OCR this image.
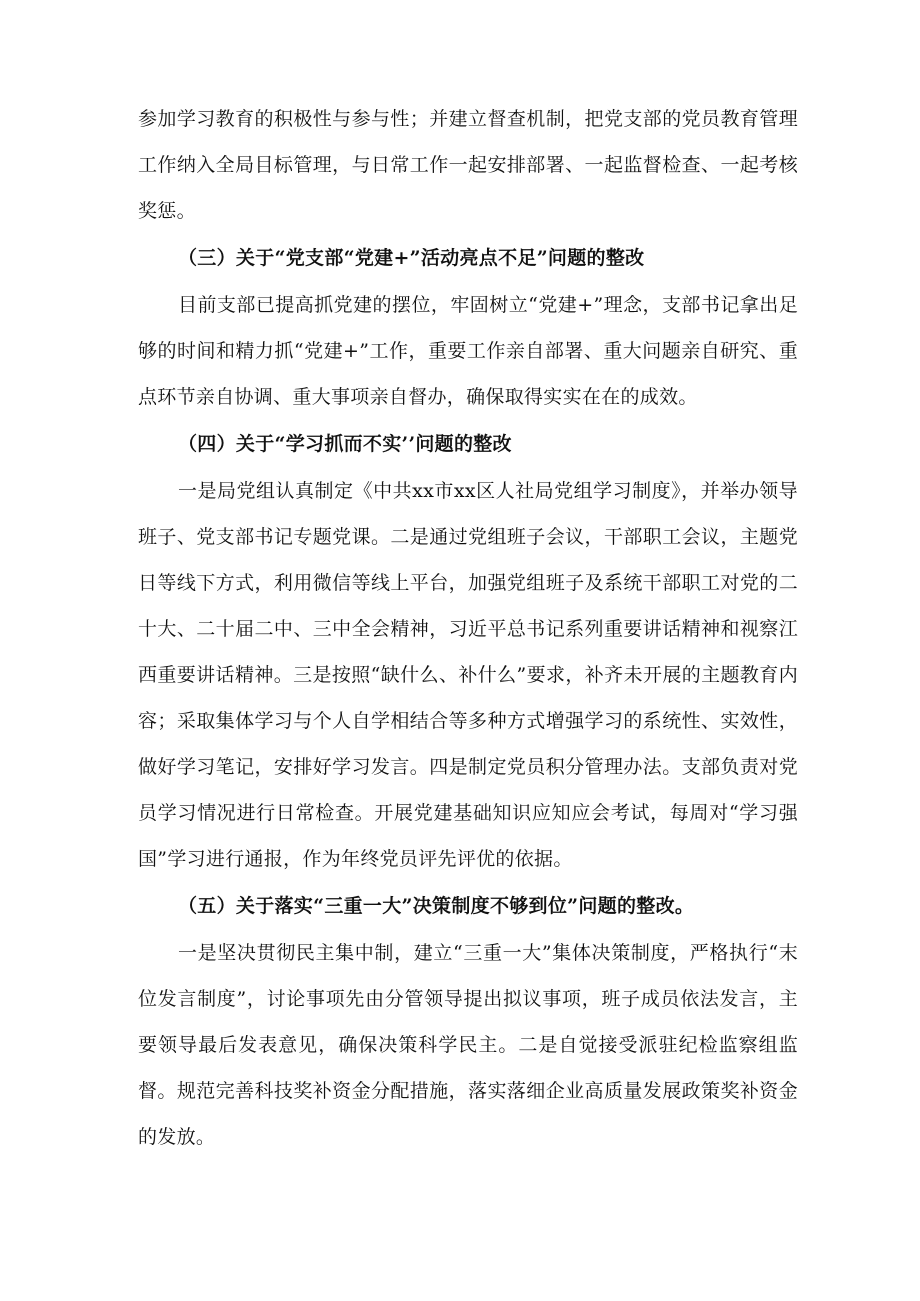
参加学习教育的积极性与参与性；并建立督查机制，把党支部的党员教育管理工作纳入全局目标管理，与日常工作一起安排部署、一起监督检查、一起考核奖惩。

（三）关于“党支部“党建+”活动亮点不足”问题的整改

目前支部已提高抓党建的摆位，牢固树立“党建+”理念，支部书记拿出足够的时间和精力抓“党建+”工作，重要工作亲自部署、重大问题亲自研究、重点环节亲自协调、重大事项亲自督办，确保取得实实在在的成效。

（四）关于“学习抓而不实’’问题的整改

一是局党组认真制定《中共xx市xx区人社局党组学习制度》，并举办领导班子、党支部书记专题党课。二是通过党组班子会议，干部职工会议，主题党日等线下方式，利用微信等线上平台，加强党组班子及系统干部职工对党的二十大、二十届二中、三中全会精神，习近平总书记系列重要讲话精神和视察江西重要讲话精神。三是按照“缺什么、补什么”要求，补齐未开展的主题教育内容；采取集体学习与个人自学相结合等多种方式增强学习的系统性、实效性，做好学习笔记，安排好学习发言。四是制定党员积分管理办法。支部负责对党员学习情况进行日常检查。开展党建基础知识应知应会考试，每周对“学习强国”学习进行通报，作为年终党员评先评优的依据。

（五）关于落实“三重一大”决策制度不够到位”问题的整改。

一是坚决贯彻民主集中制，建立“三重一大”集体决策制度，严格执行“末位发言制度”，讨论事项先由分管领导提出拟议事项，班子成员依法发言，主要领导最后发表意见，确保决策科学民主。二是自觉接受派驻纪检监察组监督。规范完善科技奖补资金分配措施，落实落细企业高质量发展政策奖补资金的发放。
